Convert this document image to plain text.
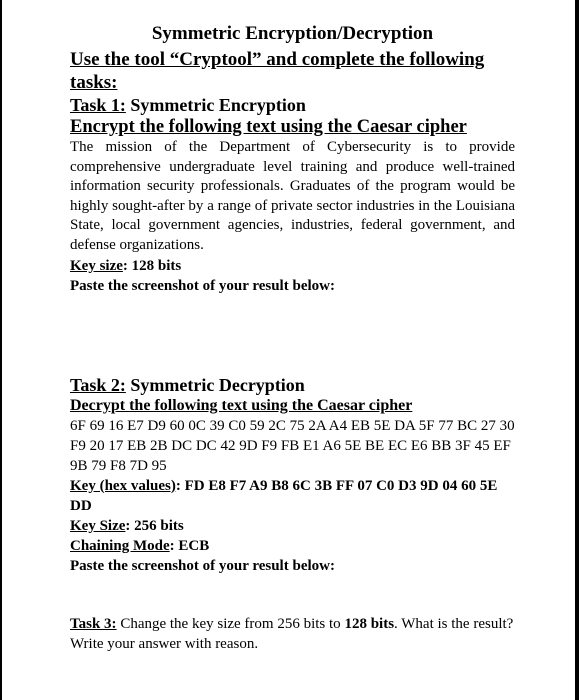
Symmetric Encryption/Decryption

Use the tool “Cryptool” and complete the following tasks:

Task 1: Symmetric Encryption

Encrypt the following text using the Caesar cipher

The mission of the Department of Cybersecurity is to provide comprehensive undergraduate level training and produce well-trained information security professionals. Graduates of the program would be highly sought-after by a range of private sector industries in the Louisiana State, local government agencies, industries, federal government, and defense organizations.

Key size: 128 bits

Paste the screenshot of your result below:

Task 2: Symmetric Decryption

Decrypt the following text using the Caesar cipher

6F 69 16 E7 D9 60 0C 39 C0 59 2C 75 2A A4 EB 5E DA 5F 77 BC 27 30 F9 20 17 EB 2B DC DC 42 9D F9 FB E1 A6 5E BE EC E6 BB 3F 45 EF 9B 79 F8 7D 95

Key (hex values): FD E8 F7 A9 B8 6C 3B FF 07 C0 D3 9D 04 60 5E DD

Key Size: 256 bits

Chaining Mode: ECB

Paste the screenshot of your result below:

Task 3: Change the key size from 256 bits to 128 bits. What is the result? Write your answer with reason.
